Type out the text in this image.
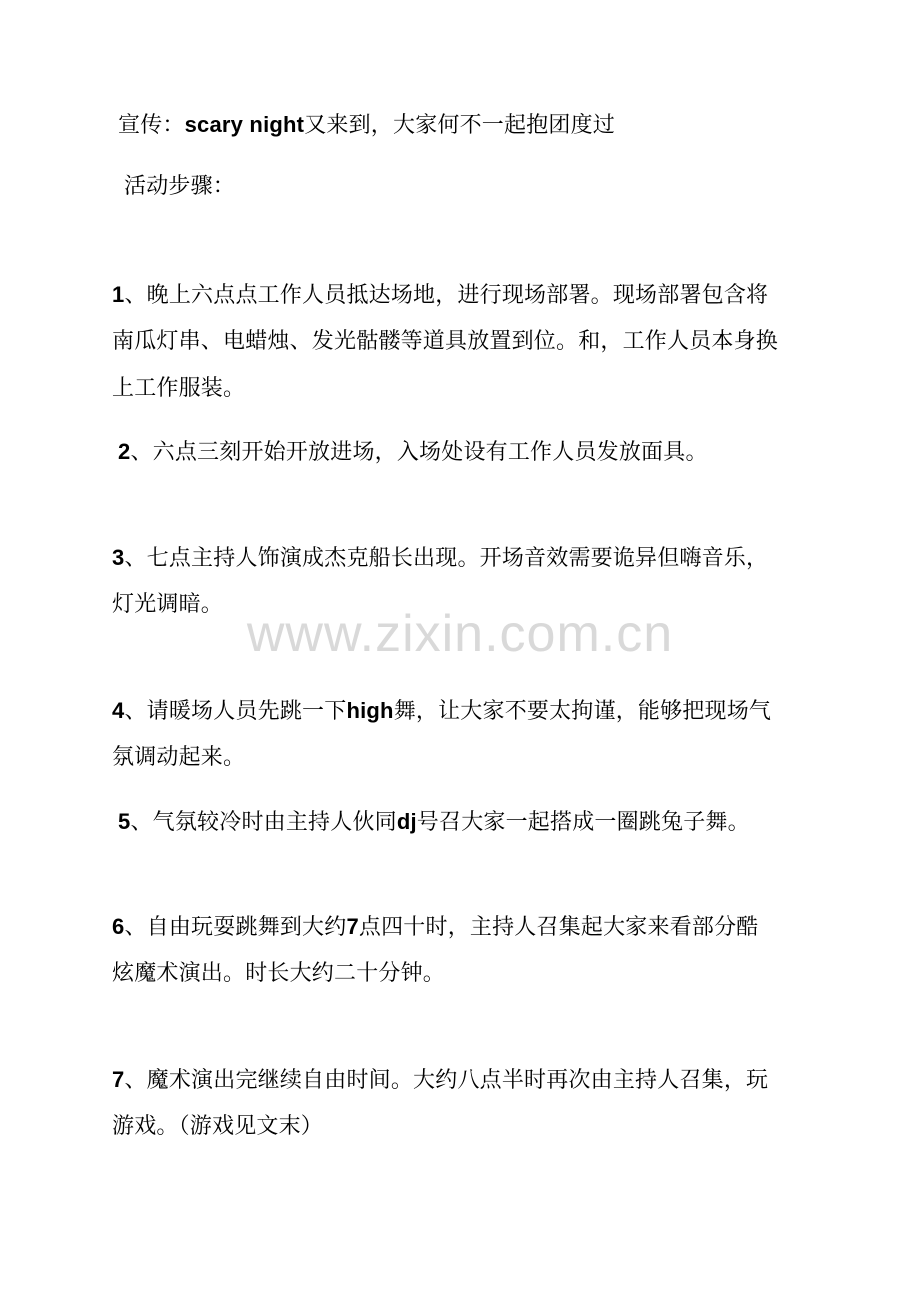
www.zixin.com.cn
宣传：scary night又来到，大家何不一起抱团度过
活动步骤：
1、晚上六点点工作人员抵达场地，进行现场部署。现场部署包含将
南瓜灯串、电蜡烛、发光骷髅等道具放置到位。和，工作人员本身换
上工作服装。
2、六点三刻开始开放进场，入场处设有工作人员发放面具。
3、七点主持人饰演成杰克船长出现。开场音效需要诡异但嗨音乐，
灯光调暗。
4、请暖场人员先跳一下high舞，让大家不要太拘谨，能够把现场气
氛调动起来。
5、气氛较冷时由主持人伙同dj号召大家一起搭成一圈跳兔子舞。
6、自由玩耍跳舞到大约7点四十时，主持人召集起大家来看部分酷
炫魔术演出。时长大约二十分钟。
7、魔术演出完继续自由时间。大约八点半时再次由主持人召集，玩
游戏。（游戏见文末）
